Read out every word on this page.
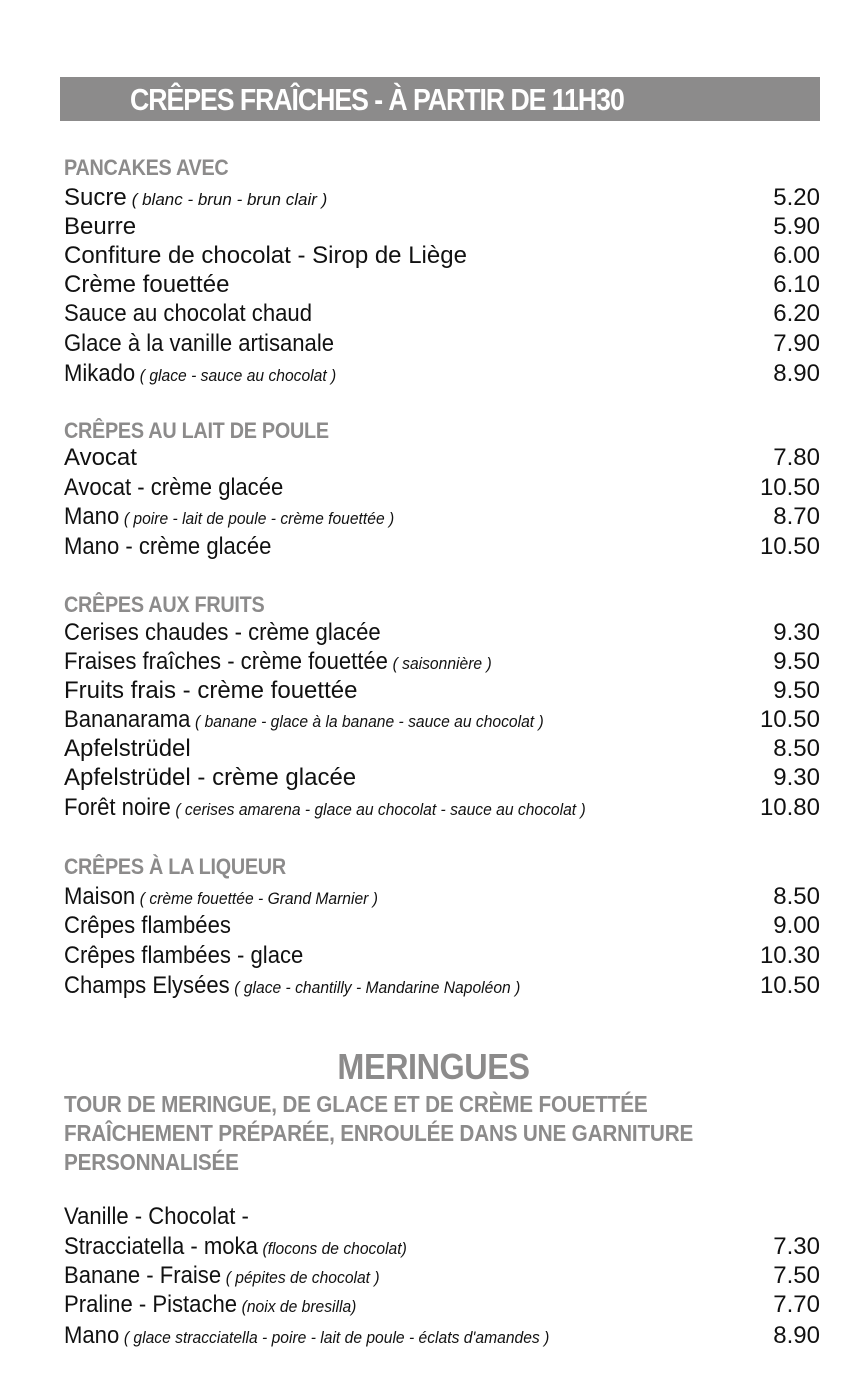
CRÊPES FRAÎCHES - À PARTIR DE 11H30
PANCAKES AVEC
Sucre ( blanc - brun - brun clair )	5.20
Beurre	5.90
Confiture de chocolat - Sirop de Liège	6.00
Crème fouettée	6.10
Sauce au chocolat chaud	6.20
Glace à la vanille artisanale	7.90
Mikado ( glace - sauce au chocolat )	8.90
CRÊPES AU LAIT DE POULE
Avocat	7.80
Avocat - crème glacée	10.50
Mano ( poire - lait de poule - crème fouettée )	8.70
Mano - crème glacée	10.50
CRÊPES AUX FRUITS
Cerises chaudes - crème glacée	9.30
Fraises fraîches - crème fouettée ( saisonnière )	9.50
Fruits frais - crème fouettée	9.50
Bananarama ( banane - glace à la banane - sauce au chocolat )	10.50
Apfelstrüdel	8.50
Apfelstrüdel - crème glacée	9.30
Forêt noire ( cerises amarena - glace au chocolat - sauce au chocolat )	10.80
CRÊPES À LA LIQUEUR
Maison ( crème fouettée - Grand Marnier )	8.50
Crêpes flambées	9.00
Crêpes flambées - glace	10.30
Champs Elysées ( glace - chantilly - Mandarine Napoléon )	10.50
MERINGUES
TOUR DE MERINGUE, DE GLACE ET DE CRÈME FOUETTÉE
FRAÎCHEMENT PRÉPARÉE, ENROULÉE DANS UNE GARNITURE
PERSONNALISÉE
Vanille - Chocolat -
Stracciatella - moka (flocons de chocolat)	7.30
Banane - Fraise ( pépites de chocolat )	7.50
Praline - Pistache (noix de bresilla)	7.70
Mano ( glace stracciatella - poire - lait de poule - éclats d'amandes )	8.90
